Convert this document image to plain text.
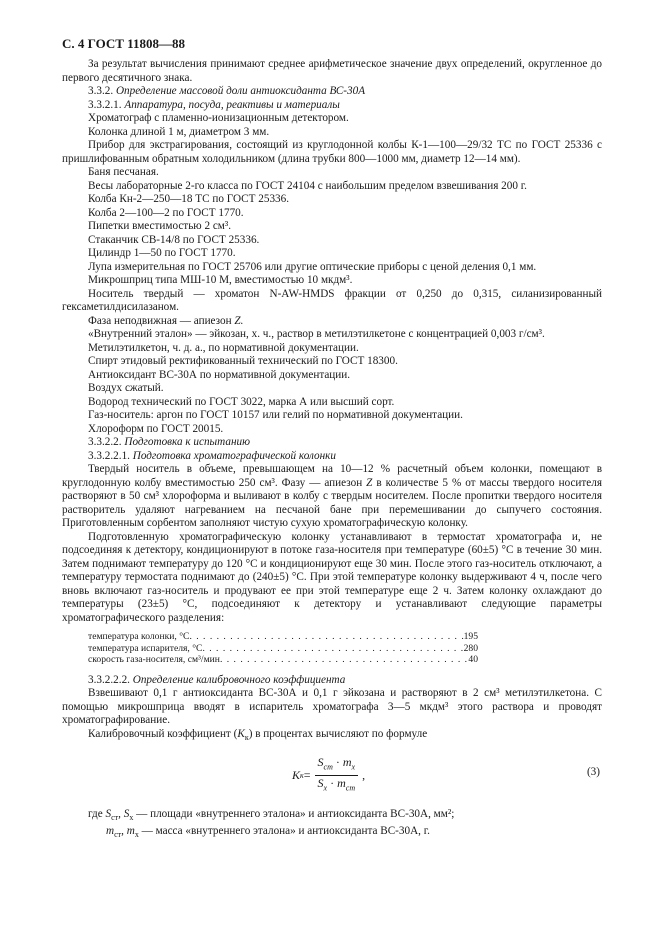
С. 4 ГОСТ 11808—88

За результат вычисления принимают среднее арифметическое значение двух определений, округленное до первого десятичного знака.

3.3.2. Определение массовой доли антиоксиданта ВС-30А

3.3.2.1. Аппаратура, посуда, реактивы и материалы

Хроматограф с пламенно-ионизационным детектором.

Колонка длиной 1 м, диаметром 3 мм.

Прибор для экстрагирования, состоящий из круглодонной колбы К-1—100—29/32 ТС по ГОСТ 25336 с пришлифованным обратным холодильником (длина трубки 800—1000 мм, диаметр 12—14 мм).

Баня песчаная.

Весы лабораторные 2-го класса по ГОСТ 24104 с наибольшим пределом взвешивания 200 г.

Колба Кн-2—250—18 ТС по ГОСТ 25336.

Колба 2—100—2 по ГОСТ 1770.

Пипетки вместимостью 2 см³.

Стаканчик СВ-14/8 по ГОСТ 25336.

Цилиндр 1—50 по ГОСТ 1770.

Лупа измерительная по ГОСТ 25706 или другие оптические приборы с ценой деления 0,1 мм.

Микрошприц типа МШ-10 М, вместимостью 10 мкдм³.

Носитель твердый — хроматон N-AW-HMDS фракции от 0,250 до 0,315, силанизированный гексаметилдисилазаном.

Фаза неподвижная — апиезон Z.

«Внутренний эталон» — эйкозан, х. ч., раствор в метилэтилкетоне с концентрацией 0,003 г/см³.

Метилэтилкетон, ч. д. а., по нормативной документации.

Спирт этидовый ректификованный технический по ГОСТ 18300.

Антиоксидант ВС-30А по нормативной документации.

Воздух сжатый.

Водород технический по ГОСТ 3022, марка А или высший сорт.

Газ-носитель: аргон по ГОСТ 10157 или гелий по нормативной документации.

Хлороформ по ГОСТ 20015.

3.3.2.2. Подготовка к испытанию

3.3.2.2.1. Подготовка хроматографической колонки

Твердый носитель в объеме, превышающем на 10—12 % расчетный объем колонки, помещают в круглодонную колбу вместимостью 250 см³. Фазу — апиезон Z в количестве 5 % от массы твердого носителя растворяют в 50 см³ хлороформа и выливают в колбу с твердым носителем. После пропитки твердого носителя растворитель удаляют нагреванием на песчаной бане при перемешивании до сыпучего состояния. Приготовленным сорбентом заполняют чистую сухую хроматографическую колонку.

Подготовленную хроматографическую колонку устанавливают в термостат хроматографа и, не подсоединяя к детектору, кондиционируют в потоке газа-носителя при температуре (60±5) °С в течение 30 мин. Затем поднимают температуру до 120 °С и кондиционируют еще 30 мин. После этого газ-носитель отключают, а температуру термостата поднимают до (240±5) °С. При этой температуре колонку выдерживают 4 ч, после чего вновь включают газ-носитель и продувают ее при этой температуре еще 2 ч. Затем колонку охлаждают до температуры (23±5) °С, подсоединяют к детектору и устанавливают следующие параметры хроматографического разделения:

температура колонки, °С . . .	195
температура испарителя, °С . . .	280
скорость газа-носителя, см³/мин . . .	40

3.3.2.2.2. Определение калибровочного коэффициента

Взвешивают 0,1 г антиоксиданта ВС-30А и 0,1 г эйкозана и растворяют в 2 см³ метилэтилкетона. С помощью микрошприца вводят в испаритель хроматографа 3—5 мкдм³ этого раствора и проводят хроматографирование.

Калибровочный коэффициент $(K_к)$ в процентах вычисляют по формуле

K $к = \frac{S_{ст} \cdot m_х}{S_х \cdot m_{ст}}$ ,	(3)

где $S_{ст}$, $S_х$ — площади «внутреннего эталона» и антиоксиданта ВС-30А, мм²;

$m_{ст}$, $m_х$ — масса «внутреннего эталона» и антиоксиданта ВС-30А, г.
